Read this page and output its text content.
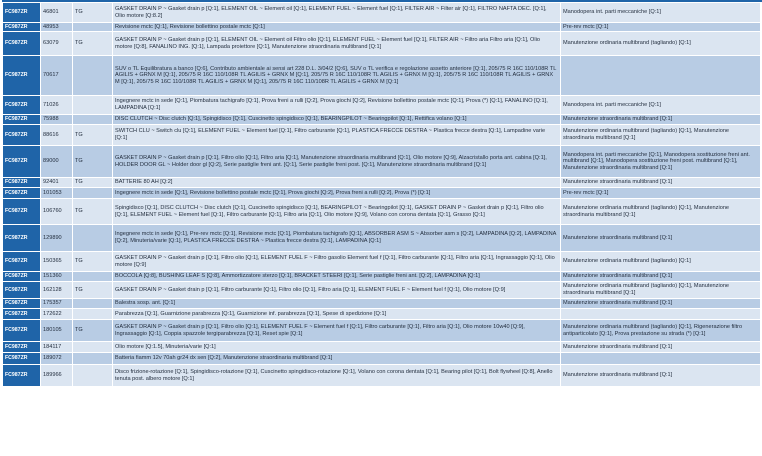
FC987ZR	46801	TG	GASKET DRAIN P ~ Gasket drain p [Q:1], ELEMENT OIL ~ Element oil [Q:1], ELEMENT FUEL ~ Element fuel [Q:1], FILTER AIR ~ Filter air [Q:1], FILTRO NAFTA DEC. [Q:1], Olio motore [Q:8.2]	Manodopera int. parti meccaniche [Q:1]
FC987ZR	48953		Revisione mctc [Q:1], Revisione bollettino postale mctc [Q:1]	Pre-rev mctc [Q:1]
FC987ZR	63079	TG	GASKET DRAIN P ~ Gasket drain p [Q:1], ELEMENT OIL ~ Element oil Filtro olio [Q:1], ELEMENT FUEL ~ Element fuel [Q:1], FILTER AIR ~ Filtro aria Filtro aria [Q:1], Olio motore [Q:8], FANALINO ING. [Q:1], Lampada proiettore [Q:1], Manutenzione straordinaria multibrand [Q:1]	Manutenzione ordinaria multibrand (tagliando) [Q:1]
FC987ZR	70617		SUV o TL Equilibratura a banco [Q:6], Contributo ambientale ai sensi art 228 D.L. 3/04/2 [Q:6], SUV o TL verifica e regolazione assetto anteriore [Q:1], 205/75 R 16C 110/108R TL AGILIS + GRNX M [Q:1], 205/75 R 16C 110/108R TL AGILIS + GRNX M [Q:1], 205/75 R 16C 110/108R TL AGILIS + GRNX M [Q:1], 205/75 R 16C 110/108R TL AGILIS + GRNX M [Q:1], 205/75 R 16C 110/108R TL AGILIS + GRNX M [Q:1], 205/75 R 16C 110/108R TL AGILIS + GRNX M [Q:1]	
FC987ZR	71026		Ingegnere mctc in sede [Q:1], Piombatura tachigrafo [Q:1], Prova freni a rulli [Q:2], Prova giochi [Q:2], Revisione bollettino postale mctc [Q:1], Prova (*) [Q:1], FANALINO [Q:1], LAMPADINA [Q:1]	Manodopera int. parti meccaniche [Q:1]
FC987ZR	75988		DISC CLUTCH ~ Disc clutch [Q:1], Spingidisco [Q:1], Cuscinetto spingidisco [Q:1], BEARINGPILOT ~ Bearingpilot [Q:1], Rettifica volano [Q:1]	Manutenzione straordinaria multibrand [Q:1]
FC987ZR	88616	TG	SWITCH CLU ~ Switch clu [Q:1], ELEMENT FUEL ~ Element fuel [Q:1], Filtro carburante [Q:1], PLASTICA FRECCE DESTRA ~ Plastica frecce destra [Q:1], Lampadine varie [Q:1]	Manutenzione ordinaria multibrand (tagliando) [Q:1], Manutenzione straordinaria multibrand [Q:1]
FC987ZR	89000	TG	GASKET DRAIN P ~ Gasket drain p [Q:1], Filtro olio [Q:1], Filtro aria [Q:1], Manutenzione straordinaria multibrand [Q:1], Olio motore [Q:9], Alzacristallo porta ant. cabina [Q:1], HOLDER DOOR GL ~ Holder door gl [Q:2], Serie pastiglie freni ant. [Q:1], Serie pastiglie freni post. [Q:1], Manutenzione straordinaria multibrand [Q:1]	Manodopera int. parti meccaniche [Q:1], Manodopera sostituzione freni ant. multibrand [Q:1], Manodopera sostituzione freni post. multibrand [Q:1], Manutenzione straordinaria multibrand [Q:1]
FC987ZR	92401	TG	BATTERIE 80 AH [Q:2]	Manutenzione straordinaria multibrand [Q:1]
FC987ZR	101053		Ingegnere mctc in sede [Q:1], Revisione bollettino postale mctc [Q:1], Prova giochi [Q:2], Prova freni a rulli [Q:2], Prova (*) [Q:1]	Pre-rev mctc [Q:1]
FC987ZR	106760	TG	Spingidisco [Q:1], DISC CLUTCH ~ Disc clutch [Q:1], Cuscinetto spingidisco [Q:1], BEARINGPILOT ~ Bearingpilot [Q:1], GASKET DRAIN P ~ Gasket drain p [Q:1], Filtro olio [Q:1], ELEMENT FUEL ~ Element fuel [Q:1], Filtro carburante [Q:1], Filtro aria [Q:1], Olio motore [Q:9], Volano con corona dentata [Q:1], Grasso [Q:1]	Manutenzione ordinaria multibrand (tagliando) [Q:1], Manutenzione straordinaria multibrand [Q:1]
FC987ZR	129890		Ingegnere mctc in sede [Q:1], Pre-rev mctc [Q:1], Revisione mctc [Q:1], Piombatura tachigrafo [Q:1], ABSORBER ASM S ~ Absorber asm s [Q:2], LAMPADINA [Q:2], LAMPADINA [Q:2], Minuteria/varie [Q:1], PLASTICA FRECCE DESTRA ~ Plastica frecce destra [Q:1], LAMPADINA [Q:1]	Manutenzione straordinaria multibrand [Q:1]
FC987ZR	150365	TG	GASKET DRAIN P ~ Gasket drain p [Q:1], Filtro olio [Q:1], ELEMENT FUEL F ~ Filtro gasolio Element fuel f [Q:1], Filtro carburante [Q:1], Filtro aria [Q:1], Ingrassaggio [Q:1], Olio motore [Q:9]	Manutenzione ordinaria multibrand (tagliando) [Q:1]
FC987ZR	151360		BOCCOLA [Q:8], BUSHING LEAF S [Q:8], Ammortizzatore sterzo [Q:1], BRACKET STEERI [Q:1], Serie pastiglie freni ant. [Q:2], LAMPADINA [Q:1]	Manutenzione straordinaria multibrand [Q:1]
FC987ZR	162128	TG	GASKET DRAIN P ~ Gasket drain p [Q:1], Filtro carburante [Q:1], Filtro olio [Q:1], Filtro aria [Q:1], ELEMENT FUEL F ~ Element fuel f [Q:1], Olio motore [Q:9]	Manutenzione ordinaria multibrand (tagliando) [Q:1], Manutenzione straordinaria multibrand [Q:1]
FC987ZR	175357		Balestra sosp. ant. [Q:1]	Manutenzione straordinaria multibrand [Q:1]
FC987ZR	172622		Parabrezza [Q:1], Guarnizione parabrezza [Q:1], Guarnizione inf. parabrezza [Q:1], Spese di spedizione [Q:1]	
FC987ZR	180105	TG	GASKET DRAIN P ~ Gasket drain p [Q:1], Filtro olio [Q:1], ELEMENT FUEL F ~ Element fuel f [Q:1], Filtro carburante [Q:1], Filtro aria [Q:1], Olio motore 10w40 [Q:9], Ingrassaggio [Q:1], Coppia spazzole tergiparabrezza [Q:1], Reset spie [Q:1]	Manutenzione ordinaria multibrand (tagliando) [Q:1], Rigenerazione filtro antiparticolato [Q:1], Prova prestazione su strada (*) [Q:1]
FC987ZR	184117		Olio motore [Q:1.5], Minuteria/varie [Q:1]	Manutenzione straordinaria multibrand [Q:1]
FC987ZR	189072		Batteria fiamm 12v 70ah gr24 dx sen [Q:2], Manutenzione straordinaria multibrand [Q:1]	
FC987ZR	189966		Disco frizione-rotazione [Q:1], Spingidisco-rotazione [Q:1], Cuscinetto spingidisco-rotazione [Q:1], Volano con corona dentata [Q:1], Bearing pilot [Q:1], Bolt flywheel [Q:8], Anello tenuta post. albero motore [Q:1]	Manutenzione straordinaria multibrand [Q:1]
